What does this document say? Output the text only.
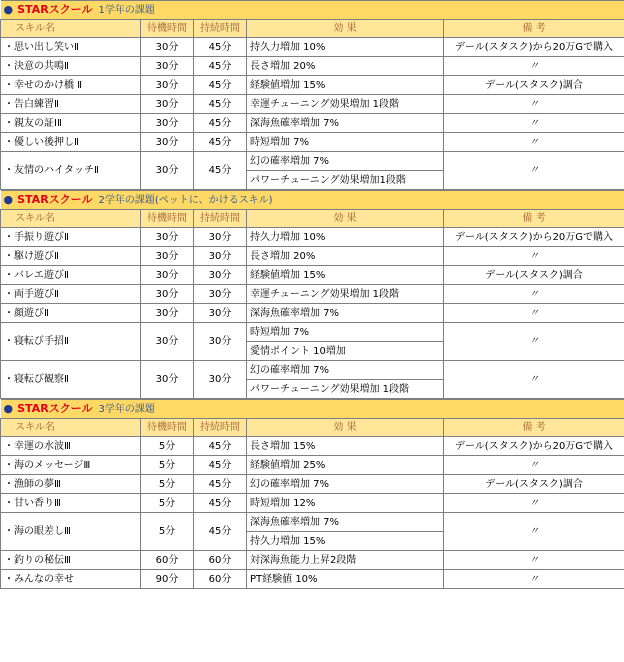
● STARスクール 1学年の課題				
スキル名	待機時間	持続時間	効 果	備 考
・思い出し笑いⅡ	30分	45分	持久力増加 10%	デール(スタスク)から20万Gで購入
・決意の共鳴Ⅱ	30分	45分	長さ増加 20%	〃
・幸せのかけ橋 Ⅱ	30分	45分	経験値増加 15%	デール(スタスク)調合
・告白練習Ⅱ	30分	45分	幸運チューニング効果増加 1段階	〃
・親友の証ⅠⅡ	30分	45分	深海魚確率増加 7%	〃
・優しい後押しⅡ	30分	45分	時短増加 7%	〃
・友情のハイタッチⅡ	30分	45分	幻の確率増加 7%	〃
			パワーチューニング効果増加1段階	
● STARスクール 2学年の課題(ペットに、かけるスキル)				
スキル名	待機時間	持続時間	効 果	備 考
・手振り遊びⅡ	30分	30分	持久力増加 10%	デール(スタスク)から20万Gで購入
・駆け遊びⅡ	30分	30分	長さ増加 20%	〃
・バレエ遊びⅡ	30分	30分	経験値増加 15%	デール(スタスク)調合
・両手遊びⅡ	30分	30分	幸運チューニング効果増加 1段階	〃
・顔遊びⅡ	30分	30分	深海魚確率増加 7%	〃
・寝転び手招Ⅱ	30分	30分	時短増加 7%	〃
			愛情ポイント 10増加	
・寝転び観察Ⅱ	30分	30分	幻の確率増加 7%	〃
			パワーチューニング効果増加 1段階	
● STARスクール 3学年の課題				
スキル名	待機時間	持続時間	効 果	備 考
・幸運の水波Ⅲ	5分	45分	長さ増加 15%	デール(スタスク)から20万Gで購入
・海のメッセージⅢ	5分	45分	経験値増加 25%	〃
・漁師の夢Ⅲ	5分	45分	幻の確率増加 7%	デール(スタスク)調合
・甘い香りⅢ	5分	45分	時短増加 12%	〃
・海の眼差しⅢ	5分	45分	深海魚確率増加 7%	〃
			持久力増加 15%	
・釣りの秘伝Ⅲ	60分	60分	対深海魚能力上昇2段階	〃
・みんなの幸せ	90分	60分	PT経験値 10%	〃
